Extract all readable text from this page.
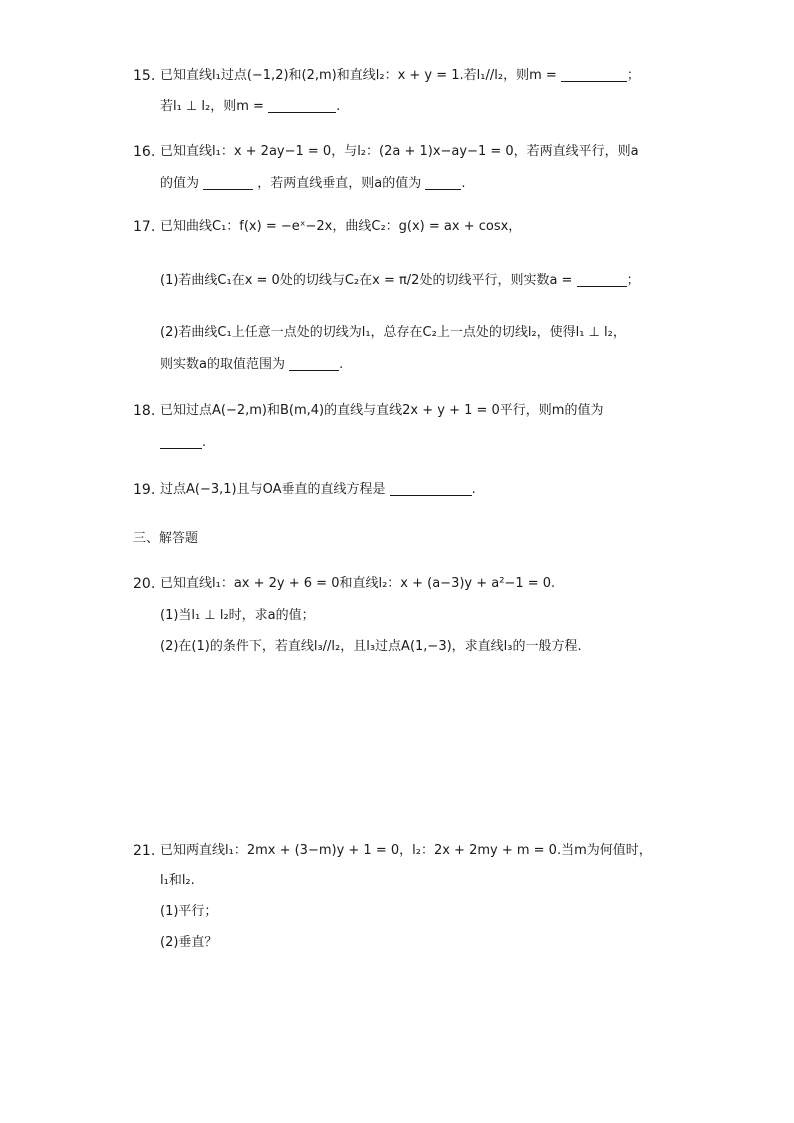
15. 已知直线l₁过点(−1,2)和(2,m)和直线l₂：x + y = 1.若l₁//l₂，则m =	；
若l₁ ⊥ l₂，则m =	.
16. 已知直线l₁：x + 2ay−1 = 0，与l₂：(2a + 1)x−ay−1 = 0，若两直线平行，则a
的值为	，若两直线垂直，则a的值为	.
17. 已知曲线C₁：f(x) = −eˣ−2x，曲线C₂：g(x) = ax + cosx，
(1)若曲线C₁在x = 0处的切线与C₂在x = π/2处的切线平行，则实数a =	；
(2)若曲线C₁上任意一点处的切线为l₁，总存在C₂上一点处的切线l₂，使得l₁ ⊥ l₂，
则实数a的取值范围为	.
18. 已知过点A(−2,m)和B(m,4)的直线与直线2x + y + 1 = 0平行，则m的值为
.
19. 过点A(−3,1)且与OA垂直的直线方程是	.
三、解答题
20. 已知直线l₁：ax + 2y + 6 = 0和直线l₂：x + (a−3)y + a²−1 = 0.
(1)当l₁ ⊥ l₂时，求a的值；
(2)在(1)的条件下，若直线l₃//l₂，且l₃过点A(1,−3)，求直线l₃的一般方程.
21. 已知两直线l₁：2mx + (3−m)y + 1 = 0，l₂：2x + 2my + m = 0.当m为何值时，
l₁和l₂.
(1)平行；
(2)垂直？
